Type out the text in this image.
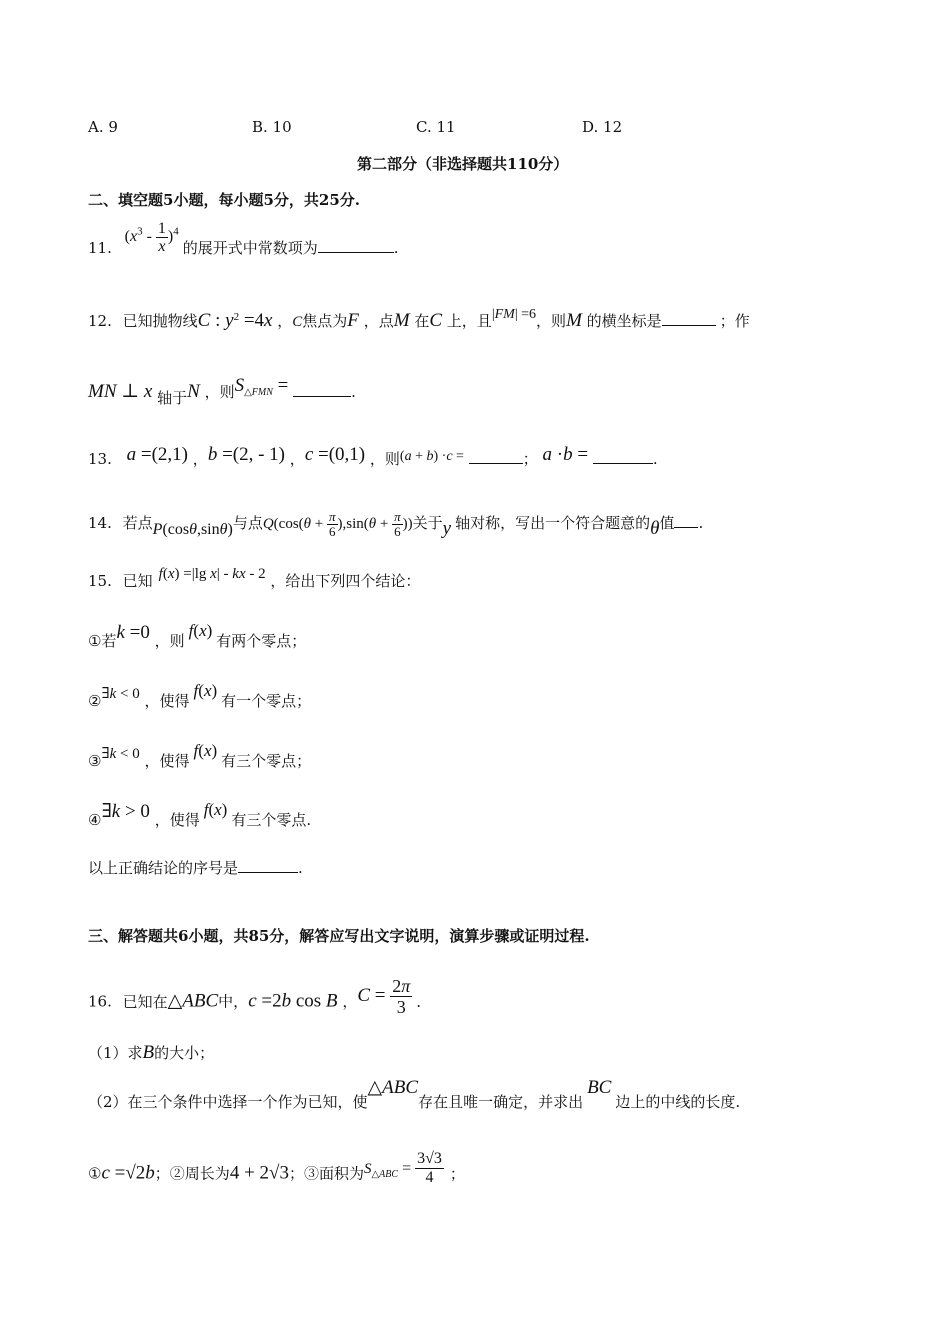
A. 9	B. 10	C. 11	D. 12
第二部分（非选择题共110分）
二、填空题5小题，每小题5分，共25分.
11. $(x^3 - \frac{1}{x} )^4$ 的展开式中常数项为	.
12. 已知抛物线C : $y^2 =4x$ ，C焦点为F ，点M 在C 上，且|FM| =6，则M 的横坐标是	；作
MN ⊥ x 轴于N ，则$S_{\triangle FMN}$ =	.
13. a =(2,1) ，b =(2, - 1) ，c =(0,1) ，则(a + b) ·c =	； a ·b =	.
14. 若点P(cosθ,sinθ)与点$Q(\cos(\theta + \frac{\pi}{6} ),\sin(\theta + \frac{\pi}{6}$ ))关于y 轴对称，写出一个符合题意的θ值 .
15. 已知 f(x) =|lg x| - kx - 2 ，给出下列四个结论：
①若k =0 ，则f(x)有两个零点；
②∃k < 0 ，使得f(x)有一个零点；
③∃k < 0 ，使得f(x)有三个零点；
④∃k > 0 ，使得f(x)有三个零点.
以上正确结论的序号是	.
三、解答题共6小题，共85分，解答应写出文字说明，演算步骤或证明过程.
16. 已知在△ABC中，c =2b cos B ，$C = \frac{2\pi}{3}$ .
（1）求B的大小；
（2）在三个条件中选择一个作为已知，使△ABC存在且唯一确定，并求出BC边上的中线的长度.
①c =√2b；②周长为4 + 2√3；③面积为$S_{\triangle ABC} = \frac{3√3}{4}$ ；
